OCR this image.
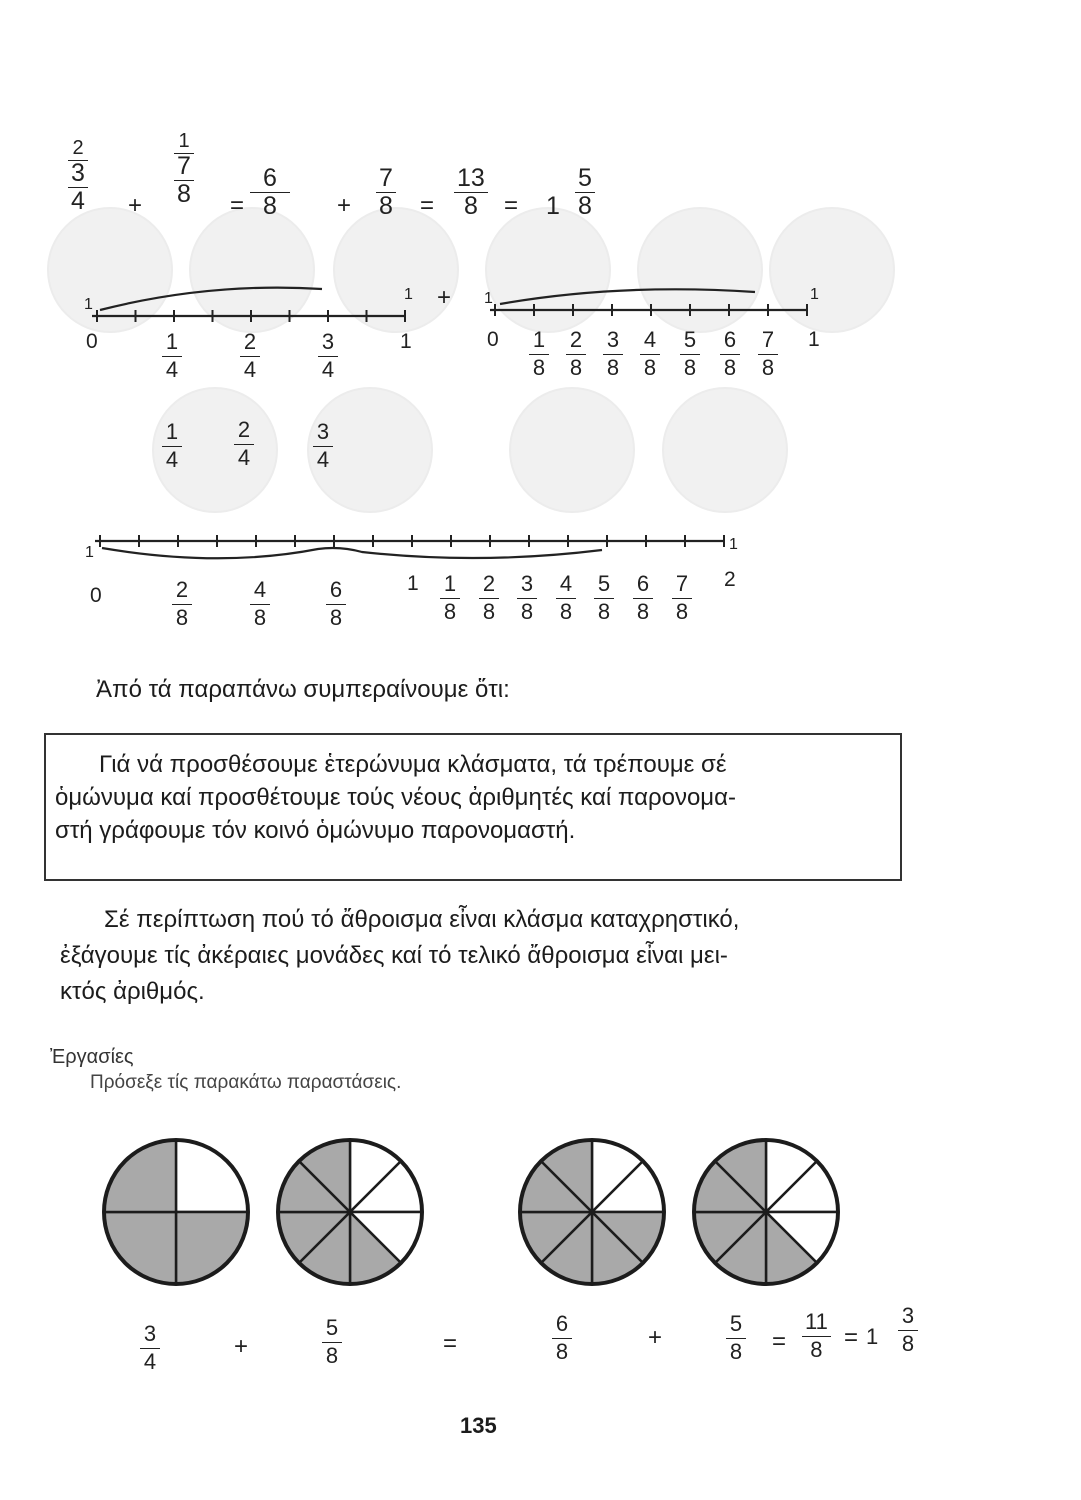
2
3
4 +
1
7
$8 = \frac{6}{8} + \frac{7}{8} = \frac{13}{8} = 1 \frac{5}{8}$
1
1
0	$\frac{1}{4}$	$\frac{2}{4}$	$\frac{3}{4}$	1
+ 1	1
$0 \frac{1}{8} \frac{2}{8} \frac{3}{8} \frac{4}{8} \frac{5}{8} \frac{6}{8} \frac{7}{8} 1$
$\frac{1}{4} \frac{2}{4}$	$\frac{3}{4}$
1	1
0	$\frac{2}{8}$	$\frac{4}{8}$	$\frac{6}{8}$	$1 \frac{1}{8} \frac{2}{8} \frac{3}{8} \frac{4}{8} \frac{5}{8} \frac{6}{8} \frac{7}{8} 2$
Ἀπό τά παραπάνω συμπεραίνουμε ὅτι:
Γιά νά προσθέσουμε ἑτερώνυμα κλάσματα, τά τρέπουμε σέ
ὁμώνυμα καί προσθέτουμε τούς νέους ἀριθμητές καί παρονομα-
στή γράφουμε τόν κοινό ὁμώνυμο παρονομαστή.
Σέ περίπτωση πού τό ἄθροισμα εἶναι κλάσμα καταχρηστικό,
ἐξάγουμε τίς ἀκέραιες μονάδες καί τό τελικό ἄθροισμα εἶναι μει-
κτός ἀριθμός.
Ἐργασίες
Πρόσεξε τίς παρακάτω παραστάσεις.
$\frac{3}{4}$	+	$\frac{5}{8}$	=	$\frac{6}{8}$	+	$\frac{5}{8} = \frac{11}{8} = 1 \frac{3}{8}$
135
